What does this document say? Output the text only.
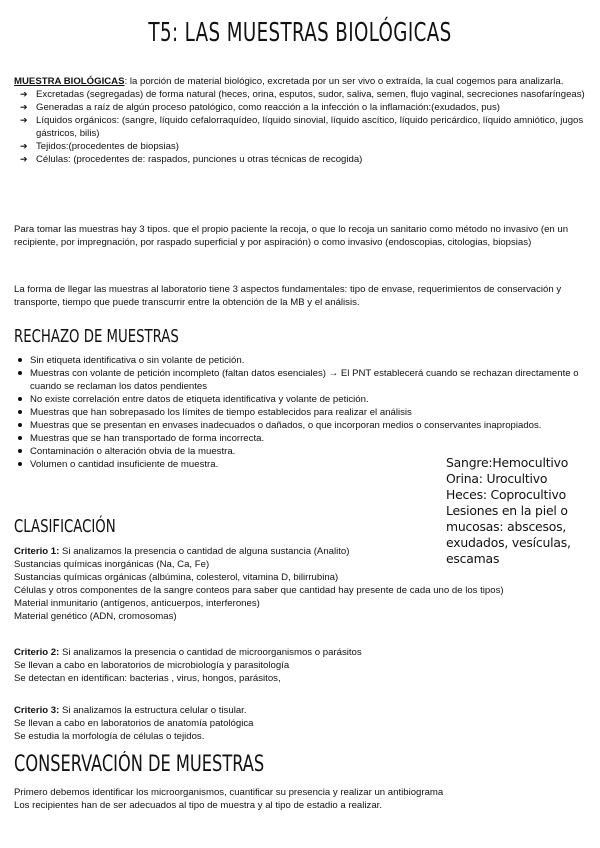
T5: LAS MUESTRAS BIOLÓGICAS

MUESTRA BIOLÓGICAS: la porción de material biológico, excretada por un ser vivo o extraída, la cual cogemos para analizarla.

➔ Excretadas (segregadas) de forma natural (heces, orina, esputos, sudor, saliva, semen, flujo vaginal, secreciones nasofaríngeas)
➔ Generadas a raíz de algún proceso patológico, como reacción a la infección o la inflamación:(exudados, pus)
➔ Líquidos orgánicos: (sangre, líquido cefalorraquídeo, líquido sinovial, líquido ascítico, líquido pericárdico, líquido amniótico, jugos gástricos, bilis)
➔ Tejidos:(procedentes de biopsias)
➔ Células: (procedentes de: raspados, punciones u otras técnicas de recogida)

Para tomar las muestras hay 3 tipos. que el propio paciente la recoja, o que lo recoja un sanitario como método no invasivo (en un recipiente, por impregnación, por raspado superficial y por aspiración) o como invasivo (endoscopias, citologias, biopsias)

La forma de llegar las muestras al laboratorio tiene 3 aspectos fundamentales: tipo de envase, requerimientos de conservación y transporte, tiempo que puede transcurrir entre la obtención de la MB y el análisis.

RECHAZO DE MUESTRAS
Sin etiqueta identificativa o sin volante de petición.
Muestras con volante de petición incompleto (faltan datos esenciales) → El PNT establecerá cuando se rechazan directamente o cuando se reclaman los datos pendientes
No existe correlación entre datos de etiqueta identificativa y volante de petición.
Muestras que han sobrepasado los límites de tiempo establecidos para realizar el análisis
Muestras que se presentan en envases inadecuados o dañados, o que incorporan medios o conservantes inapropiados.
Muestras que se han transportado de forma incorrecta.
Contaminación o alteración obvia de la muestra.
Volumen o cantidad insuficiente de muestra.	Sangre:Hemocultivo

Orina: Urocultivo

Heces: Coprocultivo

Lesiones en la piel o mucosas: abscesos, exudados, vesículas, escamas

CLASIFICACIÓN

Criterio 1: Si analizamos la presencia o cantidad de alguna sustancia (Analito)

Sustancias químicas inorgánicas (Na, Ca, Fe)

Sustancias químicas orgánicas (albúmina, colesterol, vitamina D, bilirrubina)

Células y otros componentes de la sangre conteos para saber que cantidad hay presente de cada uno de los tipos)

Material inmunitario (antígenos, anticuerpos, interferones)

Material genético (ADN, cromosomas)

Criterio 2: Si analizamos la presencia o cantidad de microorganismos o parásitos

Se llevan a cabo en laboratorios de microbiología y parasitología

Se detectan en identifican: bacterias , virus, hongos, parásitos,

Criterio 3: Si analizamos la estructura celular o tisular.

Se llevan a cabo en laboratorios de anatomía patológica

Se estudia la morfología de células o tejidos.

CONSERVACIÓN DE MUESTRAS

Primero debemos identificar los microorganismos, cuantificar su presencia y realizar un antibiograma

Los recipientes han de ser adecuados al tipo de muestra y al tipo de estadio a realizar.
